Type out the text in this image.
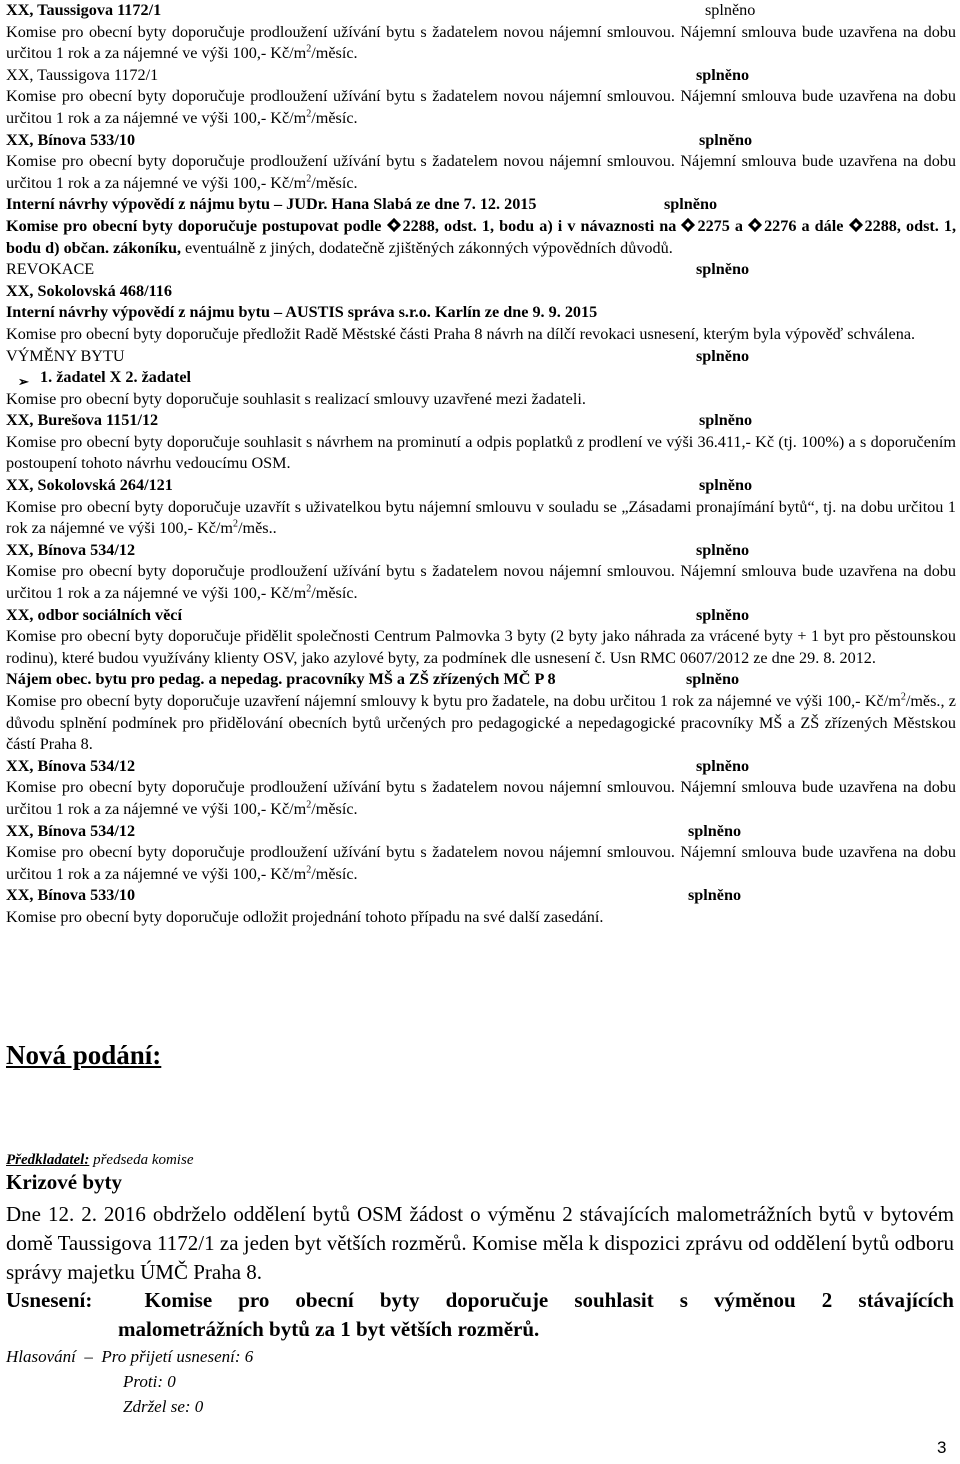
XX, Taussigova 1172/1	splněno
Komise pro obecní byty doporučuje prodloužení užívání bytu s žadatelem novou nájemní smlouvou. Nájemní smlouva bude uzavřena na dobu určitou 1 rok a za nájemné ve výši 100,- $Kč/m^2$/měsíc.
XX, Taussigova 1172/1	splněno
Komise pro obecní byty doporučuje prodloužení užívání bytu s žadatelem novou nájemní smlouvou. Nájemní smlouva bude uzavřena na dobu určitou 1 rok a za nájemné ve výši 100,- $Kč/m^2$/měsíc.
XX, Bínova 533/10	splněno
Komise pro obecní byty doporučuje prodloužení užívání bytu s žadatelem novou nájemní smlouvou. Nájemní smlouva bude uzavřena na dobu určitou 1 rok a za nájemné ve výši 100,- $Kč/m^2$/měsíc.
Interní návrhy výpovědí z nájmu bytu – JUDr. Hana Slabá ze dne 7. 12. 2015	splněno
Komise pro obecní byty doporučuje postupovat podle 2288, odst. 1, bodu a) i v návaznosti na 2275 a 2276 a dále 2288, odst. 1, bodu d) občan. zákoníku, eventuálně z jiných, dodatečně zjištěných zákonných výpovědních důvodů.
REVOKACE	splněno
XX, Sokolovská 468/116
Interní návrhy výpovědí z nájmu bytu – AUSTIS správa s.r.o. Karlín ze dne 9. 9. 2015
Komise pro obecní byty doporučuje předložit Radě Městské části Praha 8 návrh na dílčí revokaci usnesení, kterým byla výpověď schválena.
VÝMĚNY BYTU	splněno
➢ 1. žadatel X 2. žadatel
Komise pro obecní byty doporučuje souhlasit s realizací smlouvy uzavřené mezi žadateli.
XX, Burešova 1151/12	splněno
Komise pro obecní byty doporučuje souhlasit s návrhem na prominutí a odpis poplatků z prodlení ve výši 36.411,- Kč (tj. 100%) a s doporučením postoupení tohoto návrhu vedoucímu OSM.
XX, Sokolovská 264/121	splněno
Komise pro obecní byty doporučuje uzavřít s uživatelkou bytu nájemní smlouvu v souladu se „Zásadami pronajímání bytů“, tj. na dobu určitou 1 rok za nájemné ve výši 100,- $Kč/m^2$/měs..
XX, Bínova 534/12	splněno
Komise pro obecní byty doporučuje prodloužení užívání bytu s žadatelem novou nájemní smlouvou. Nájemní smlouva bude uzavřena na dobu určitou 1 rok a za nájemné ve výši 100,- $Kč/m^2$/měsíc.
XX, odbor sociálních věcí	splněno
Komise pro obecní byty doporučuje přidělit společnosti Centrum Palmovka 3 byty (2 byty jako náhrada za vrácené byty + 1 byt pro pěstounskou rodinu), které budou využívány klienty OSV, jako azylové byty, za podmínek dle usnesení č. Usn RMC 0607/2012 ze dne 29. 8. 2012.
Nájem obec. bytu pro pedag. a nepedag. pracovníky MŠ a ZŠ zřízených MČ P 8	splněno
Komise pro obecní byty doporučuje uzavření nájemní smlouvy k bytu pro žadatele, na dobu určitou 1 rok za nájemné ve výši 100,- $Kč/m^2$/měs., z důvodu splnění podmínek pro přidělování obecních bytů určených pro pedagogické a nepedagogické pracovníky MŠ a ZŠ zřízených Městskou částí Praha 8.
XX, Bínova 534/12	splněno
Komise pro obecní byty doporučuje prodloužení užívání bytu s žadatelem novou nájemní smlouvou. Nájemní smlouva bude uzavřena na dobu určitou 1 rok a za nájemné ve výši 100,- $Kč/m^2$/měsíc.
XX, Bínova 534/12	splněno
Komise pro obecní byty doporučuje prodloužení užívání bytu s žadatelem novou nájemní smlouvou. Nájemní smlouva bude uzavřena na dobu určitou 1 rok a za nájemné ve výši 100,- $Kč/m^2$/měsíc.
XX, Bínova 533/10	splněno
Komise pro obecní byty doporučuje odložit projednání tohoto případu na své další zasedání.
Nová podání:
Předkladatel: předseda komise
Krizové byty
Dne 12. 2. 2016 obdrželo oddělení bytů OSM žádost o výměnu 2 stávajících malometrážních bytů v bytovém domě Taussigova 1172/1 za jeden byt větších rozměrů. Komise měla k dispozici zprávu od oddělení bytů odboru správy majetku ÚMČ Praha 8.
Usnesení: Komise pro obecní byty doporučuje souhlasit s výměnou 2 stávajících
malometrážních bytů za 1 byt větších rozměrů.
Hlasování  –  Pro přijetí usnesení: 6
Proti: 0
Zdržel se: 0
3
